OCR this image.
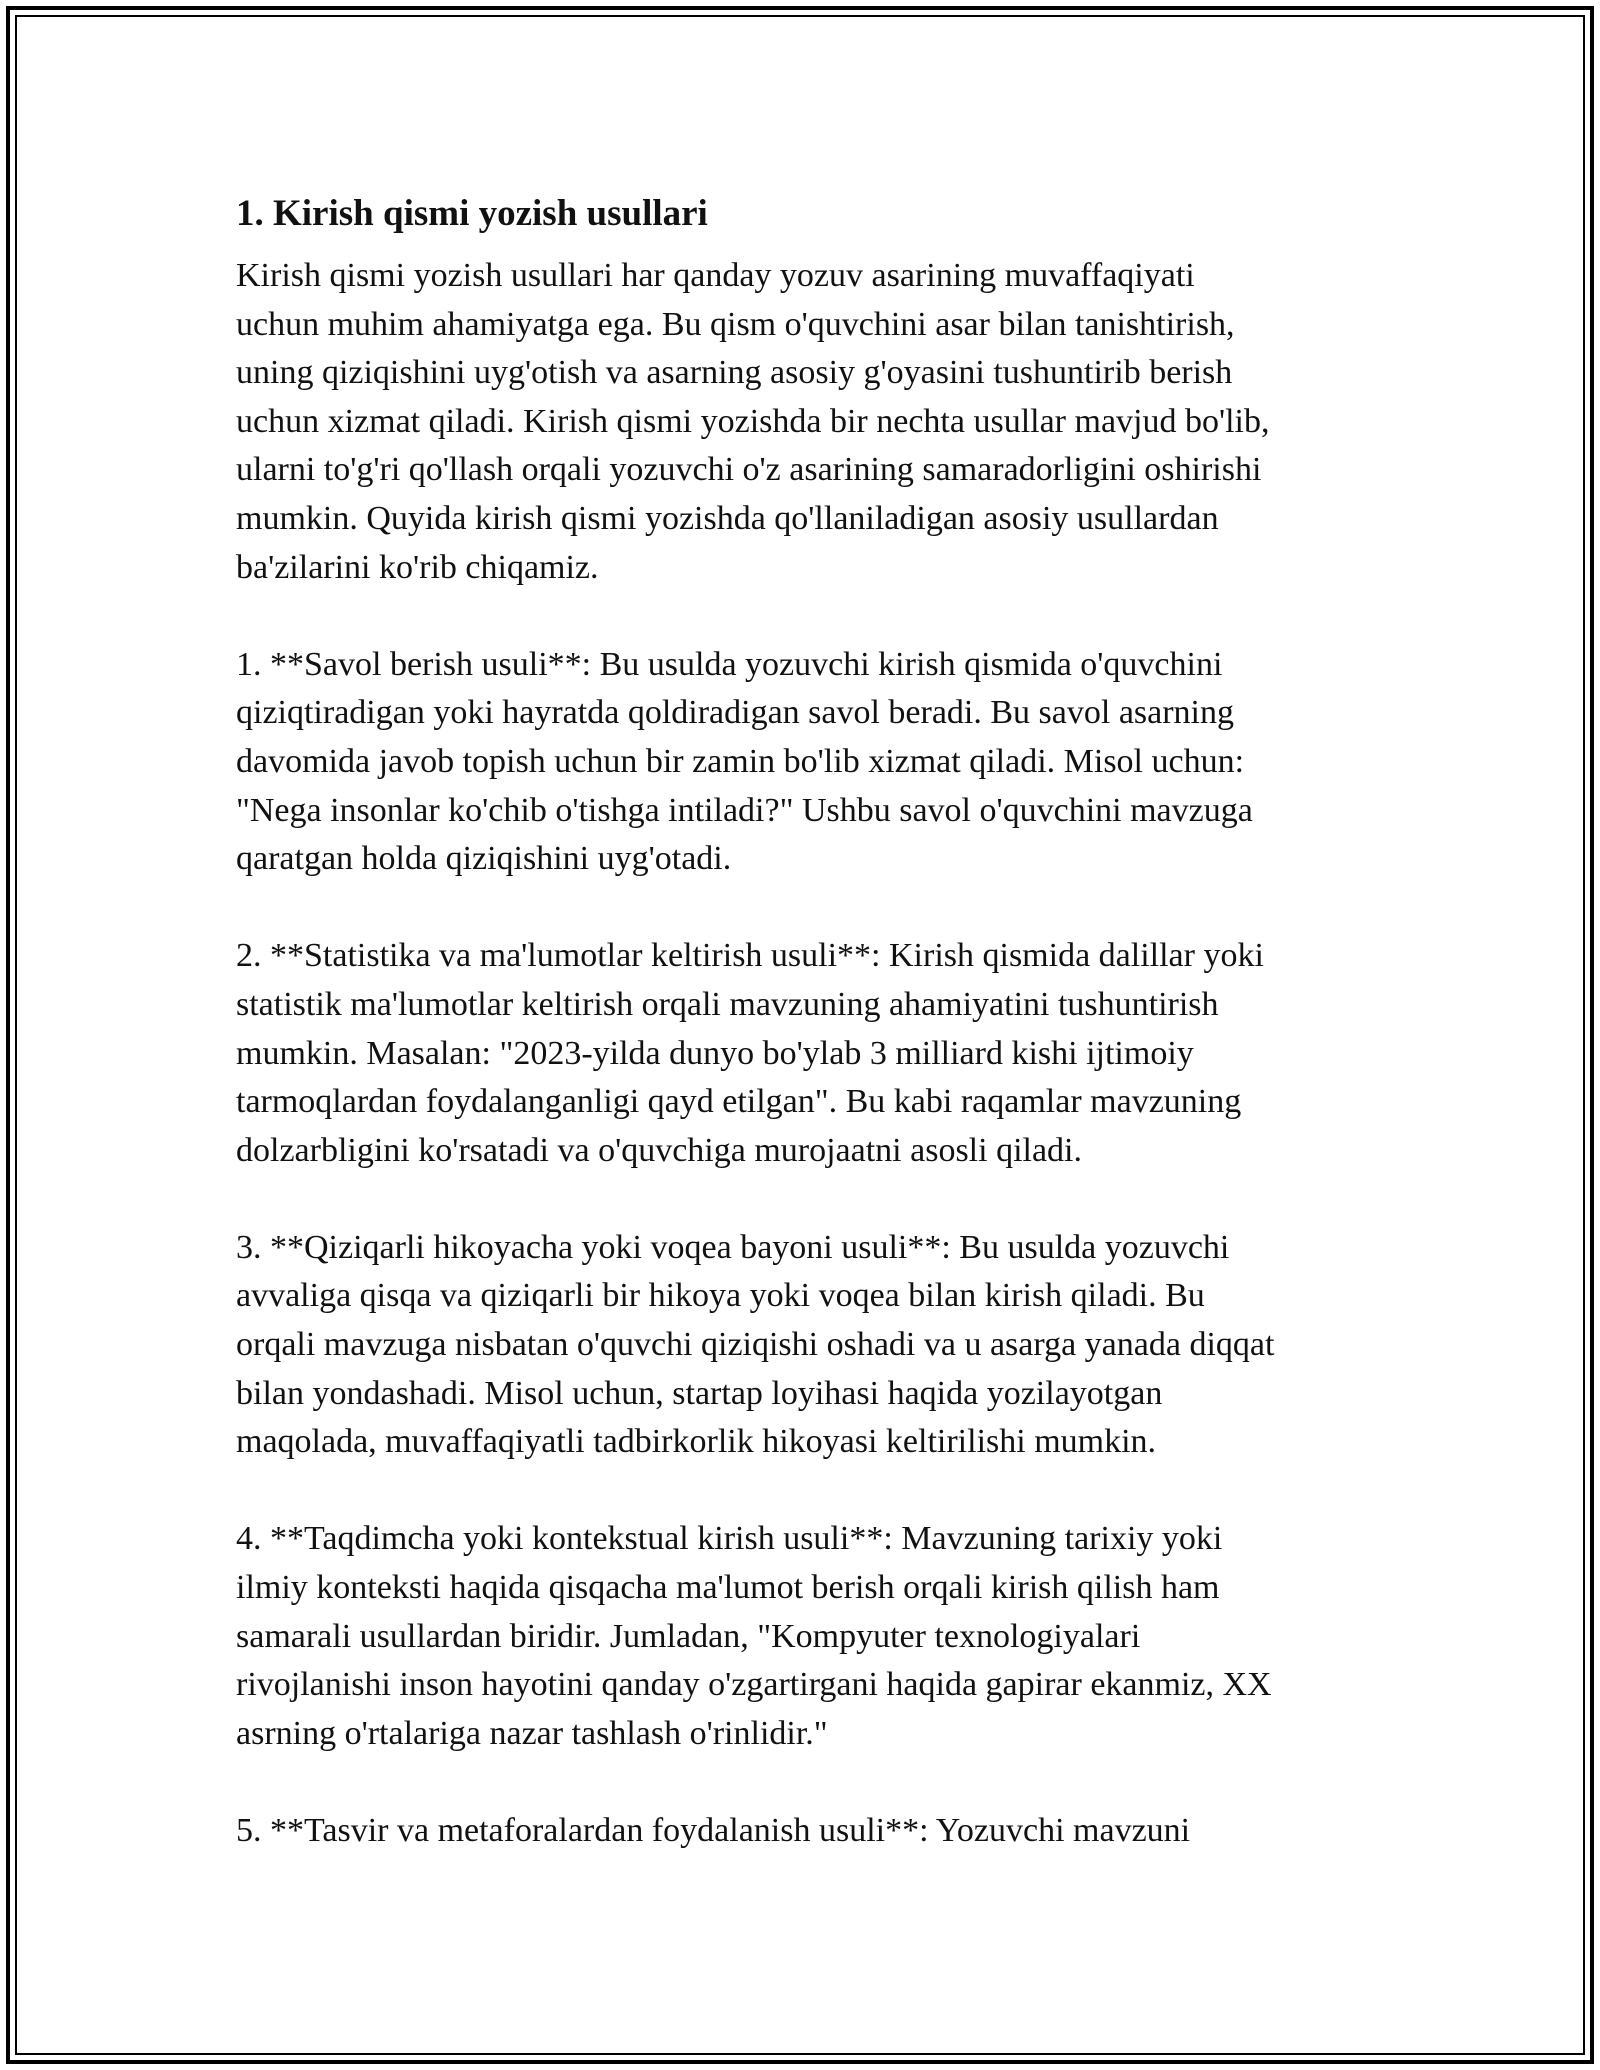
1. Kirish qismi yozish usullari
Kirish qismi yozish usullari har qanday yozuv asarining muvaffaqiyati
uchun muhim ahamiyatga ega. Bu qism o'quvchini asar bilan tanishtirish,
uning qiziqishini uyg'otish va asarning asosiy g'oyasini tushuntirib berish
uchun xizmat qiladi. Kirish qismi yozishda bir nechta usullar mavjud bo'lib,
ularni to'g'ri qo'llash orqali yozuvchi o'z asarining samaradorligini oshirishi
mumkin. Quyida kirish qismi yozishda qo'llaniladigan asosiy usullardan
ba'zilarini ko'rib chiqamiz.
1. **Savol berish usuli**: Bu usulda yozuvchi kirish qismida o'quvchini
qiziqtiradigan yoki hayratda qoldiradigan savol beradi. Bu savol asarning
davomida javob topish uchun bir zamin bo'lib xizmat qiladi. Misol uchun:
"Nega insonlar ko'chib o'tishga intiladi?" Ushbu savol o'quvchini mavzuga
qaratgan holda qiziqishini uyg'otadi.
2. **Statistika va ma'lumotlar keltirish usuli**: Kirish qismida dalillar yoki
statistik ma'lumotlar keltirish orqali mavzuning ahamiyatini tushuntirish
mumkin. Masalan: "2023-yilda dunyo bo'ylab 3 milliard kishi ijtimoiy
tarmoqlardan foydalanganligi qayd etilgan". Bu kabi raqamlar mavzuning
dolzarbligini ko'rsatadi va o'quvchiga murojaatni asosli qiladi.
3. **Qiziqarli hikoyacha yoki voqea bayoni usuli**: Bu usulda yozuvchi
avvaliga qisqa va qiziqarli bir hikoya yoki voqea bilan kirish qiladi. Bu
orqali mavzuga nisbatan o'quvchi qiziqishi oshadi va u asarga yanada diqqat
bilan yondashadi. Misol uchun, startap loyihasi haqida yozilayotgan
maqolada, muvaffaqiyatli tadbirkorlik hikoyasi keltirilishi mumkin.
4. **Taqdimcha yoki kontekstual kirish usuli**: Mavzuning tarixiy yoki
ilmiy konteksti haqida qisqacha ma'lumot berish orqali kirish qilish ham
samarali usullardan biridir. Jumladan, "Kompyuter texnologiyalari
rivojlanishi inson hayotini qanday o'zgartirgani haqida gapirar ekanmiz, XX
asrning o'rtalariga nazar tashlash o'rinlidir."
5. **Tasvir va metaforalardan foydalanish usuli**: Yozuvchi mavzuni
